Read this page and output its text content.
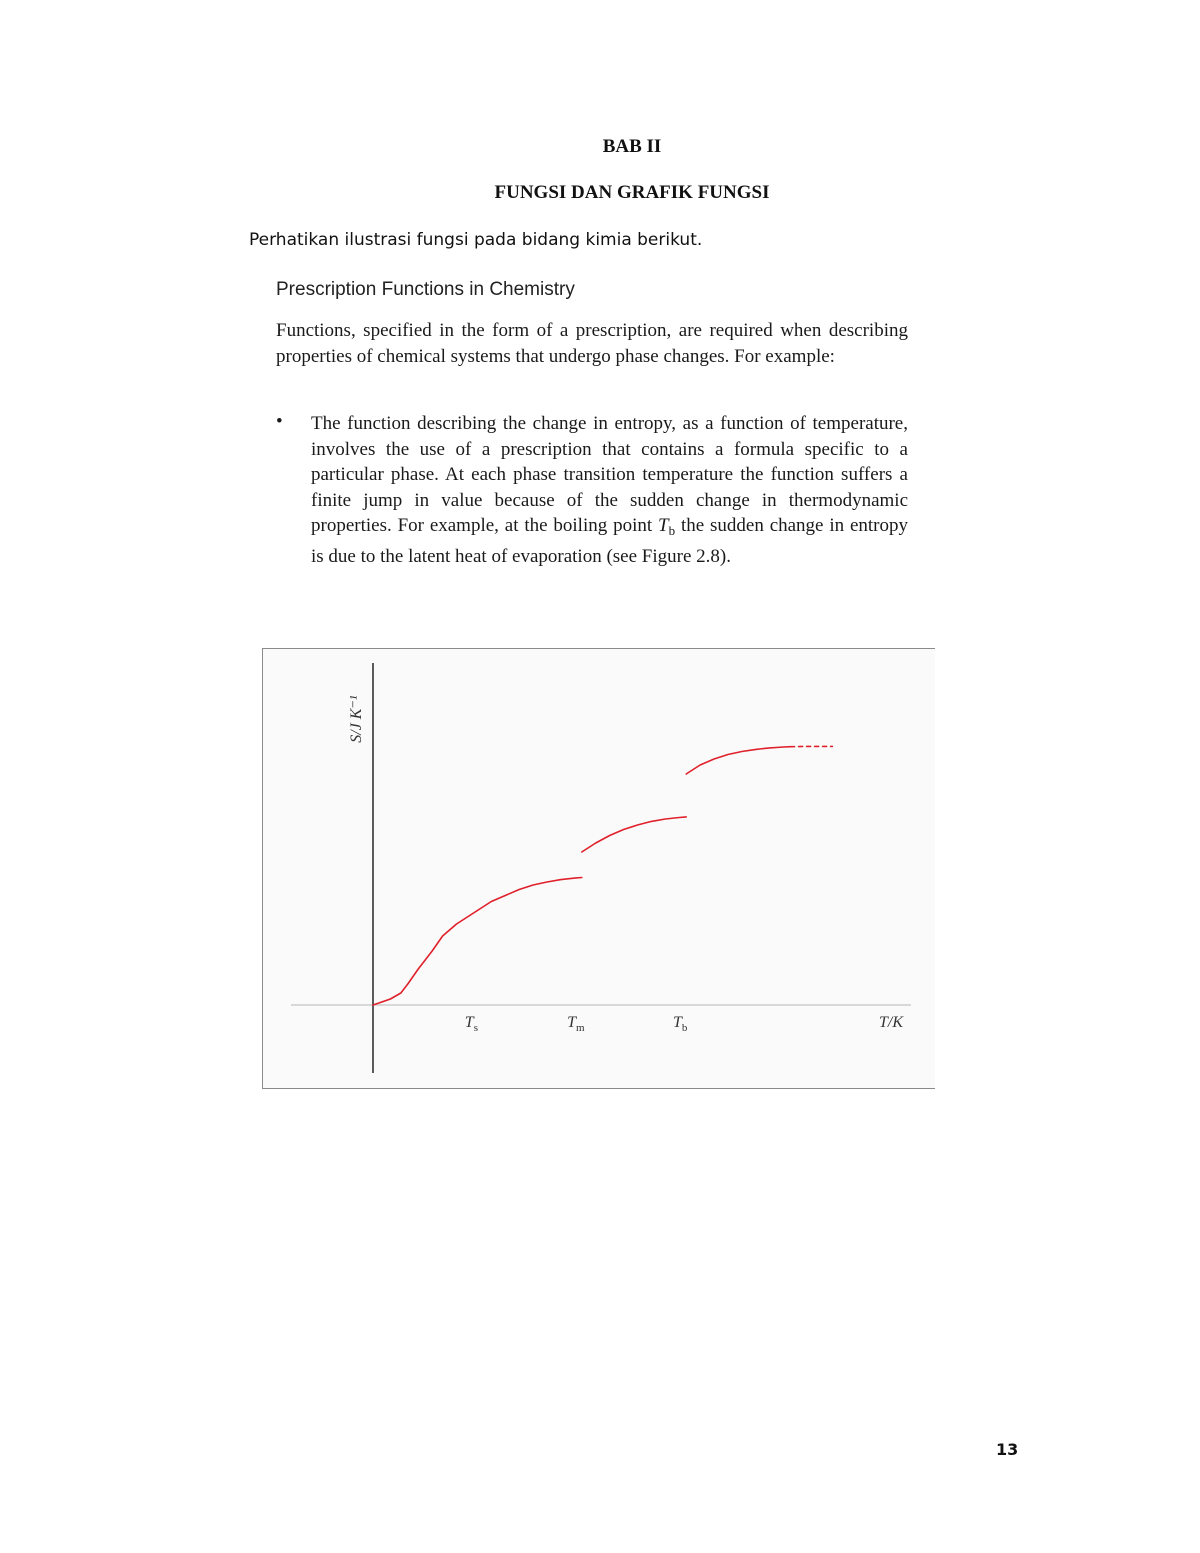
BAB II
FUNGSI DAN GRAFIK FUNGSI
Perhatikan ilustrasi fungsi pada bidang kimia berikut.
Prescription Functions in Chemistry
Functions, specified in the form of a prescription, are required when describing properties of chemical systems that undergo phase changes. For example:
• The function describing the change in entropy, as a function of temperature, involves the use of a prescription that contains a formula specific to a particular phase. At each phase transition temperature the function suffers a finite jump in value because of the sudden change in thermodynamic properties. For example, at the boiling point $T_b$ the sudden change in entropy is due to the latent heat of evaporation (see Figure 2.8).
S/J K⁻¹
T/K
$T_s$	$T_m$	$T_b$
13
